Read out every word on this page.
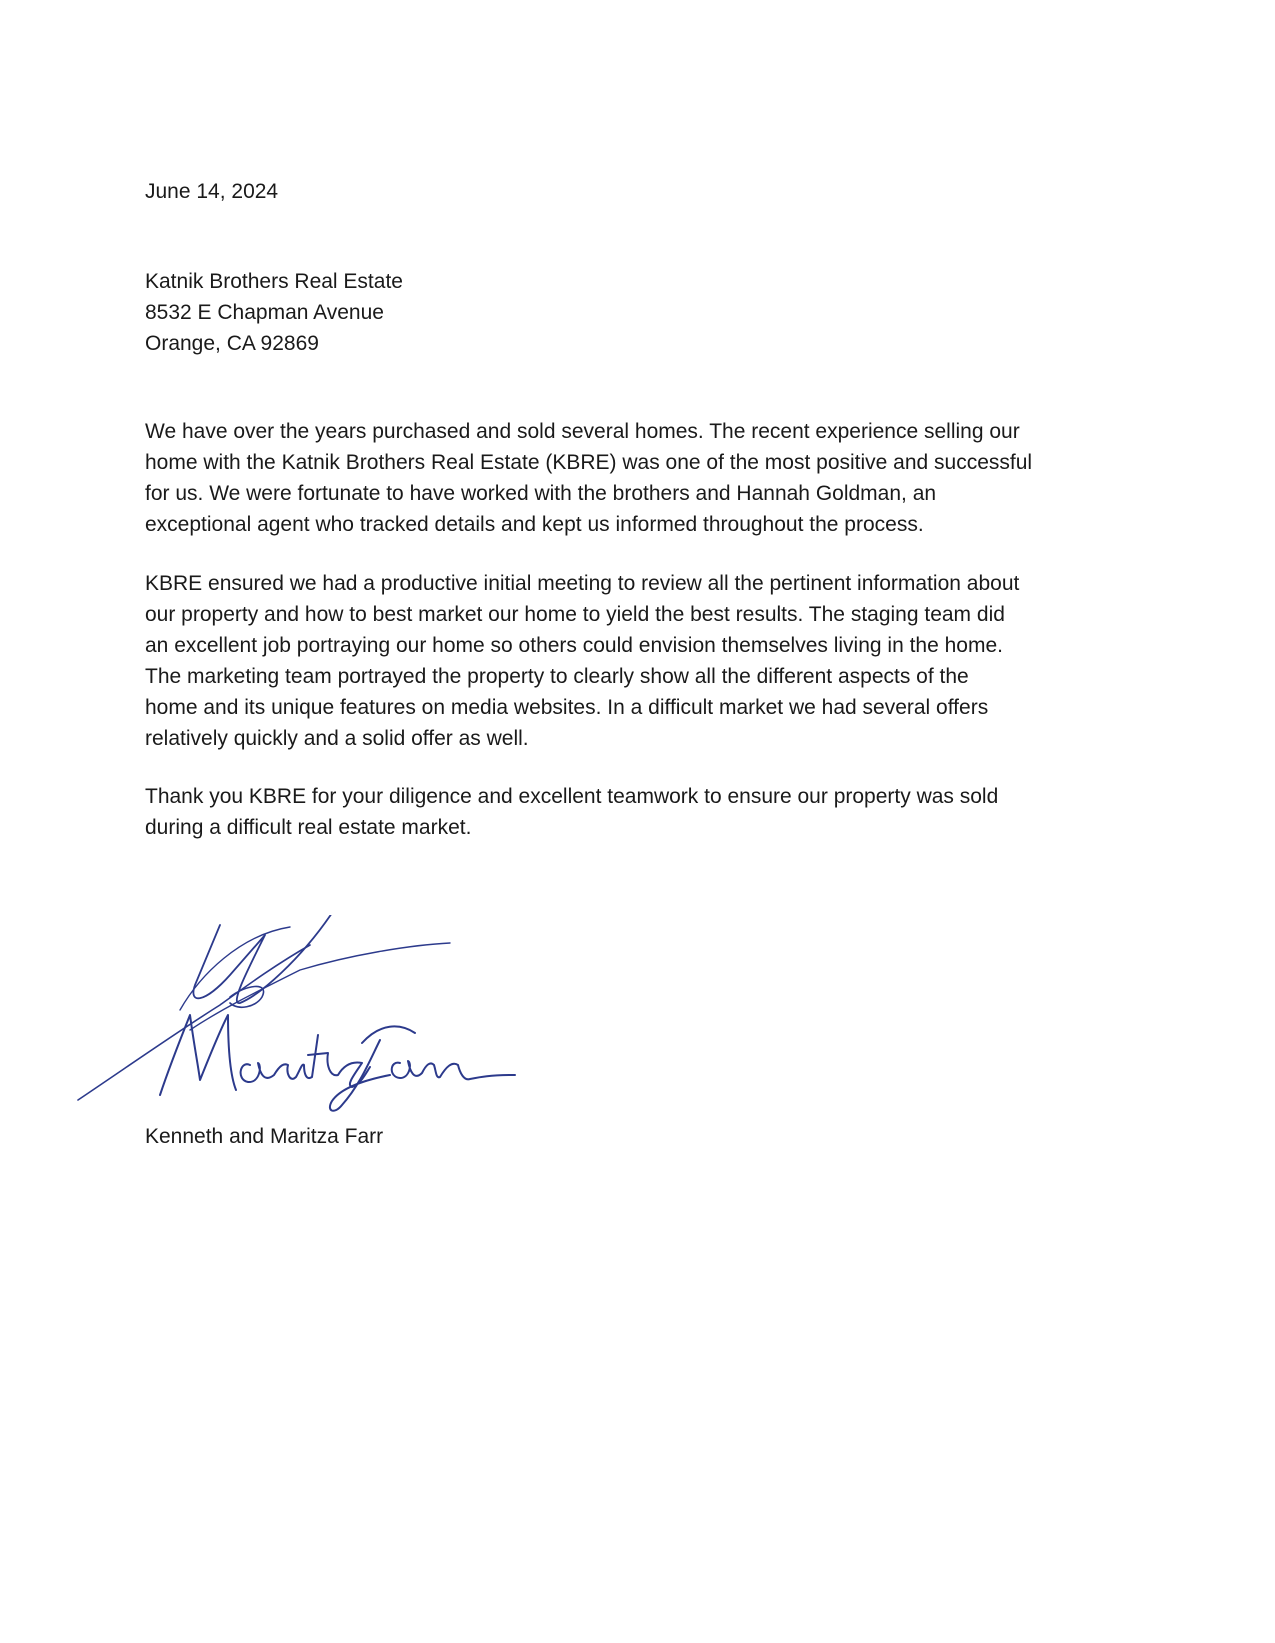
June 14, 2024
Katnik Brothers Real Estate
8532 E Chapman Avenue
Orange, CA 92869
We have over the years purchased and sold several homes. The recent experience selling our
home with the Katnik Brothers Real Estate (KBRE) was one of the most positive and successful
for us. We were fortunate to have worked with the brothers and Hannah Goldman, an
exceptional agent who tracked details and kept us informed throughout the process.
KBRE ensured we had a productive initial meeting to review all the pertinent information about
our property and how to best market our home to yield the best results. The staging team did
an excellent job portraying our home so others could envision themselves living in the home.
The marketing team portrayed the property to clearly show all the different aspects of the
home and its unique features on media websites. In a difficult market we had several offers
relatively quickly and a solid offer as well.
Thank you KBRE for your diligence and excellent teamwork to ensure our property was sold
during a difficult real estate market.
Kenneth and Maritza Farr
